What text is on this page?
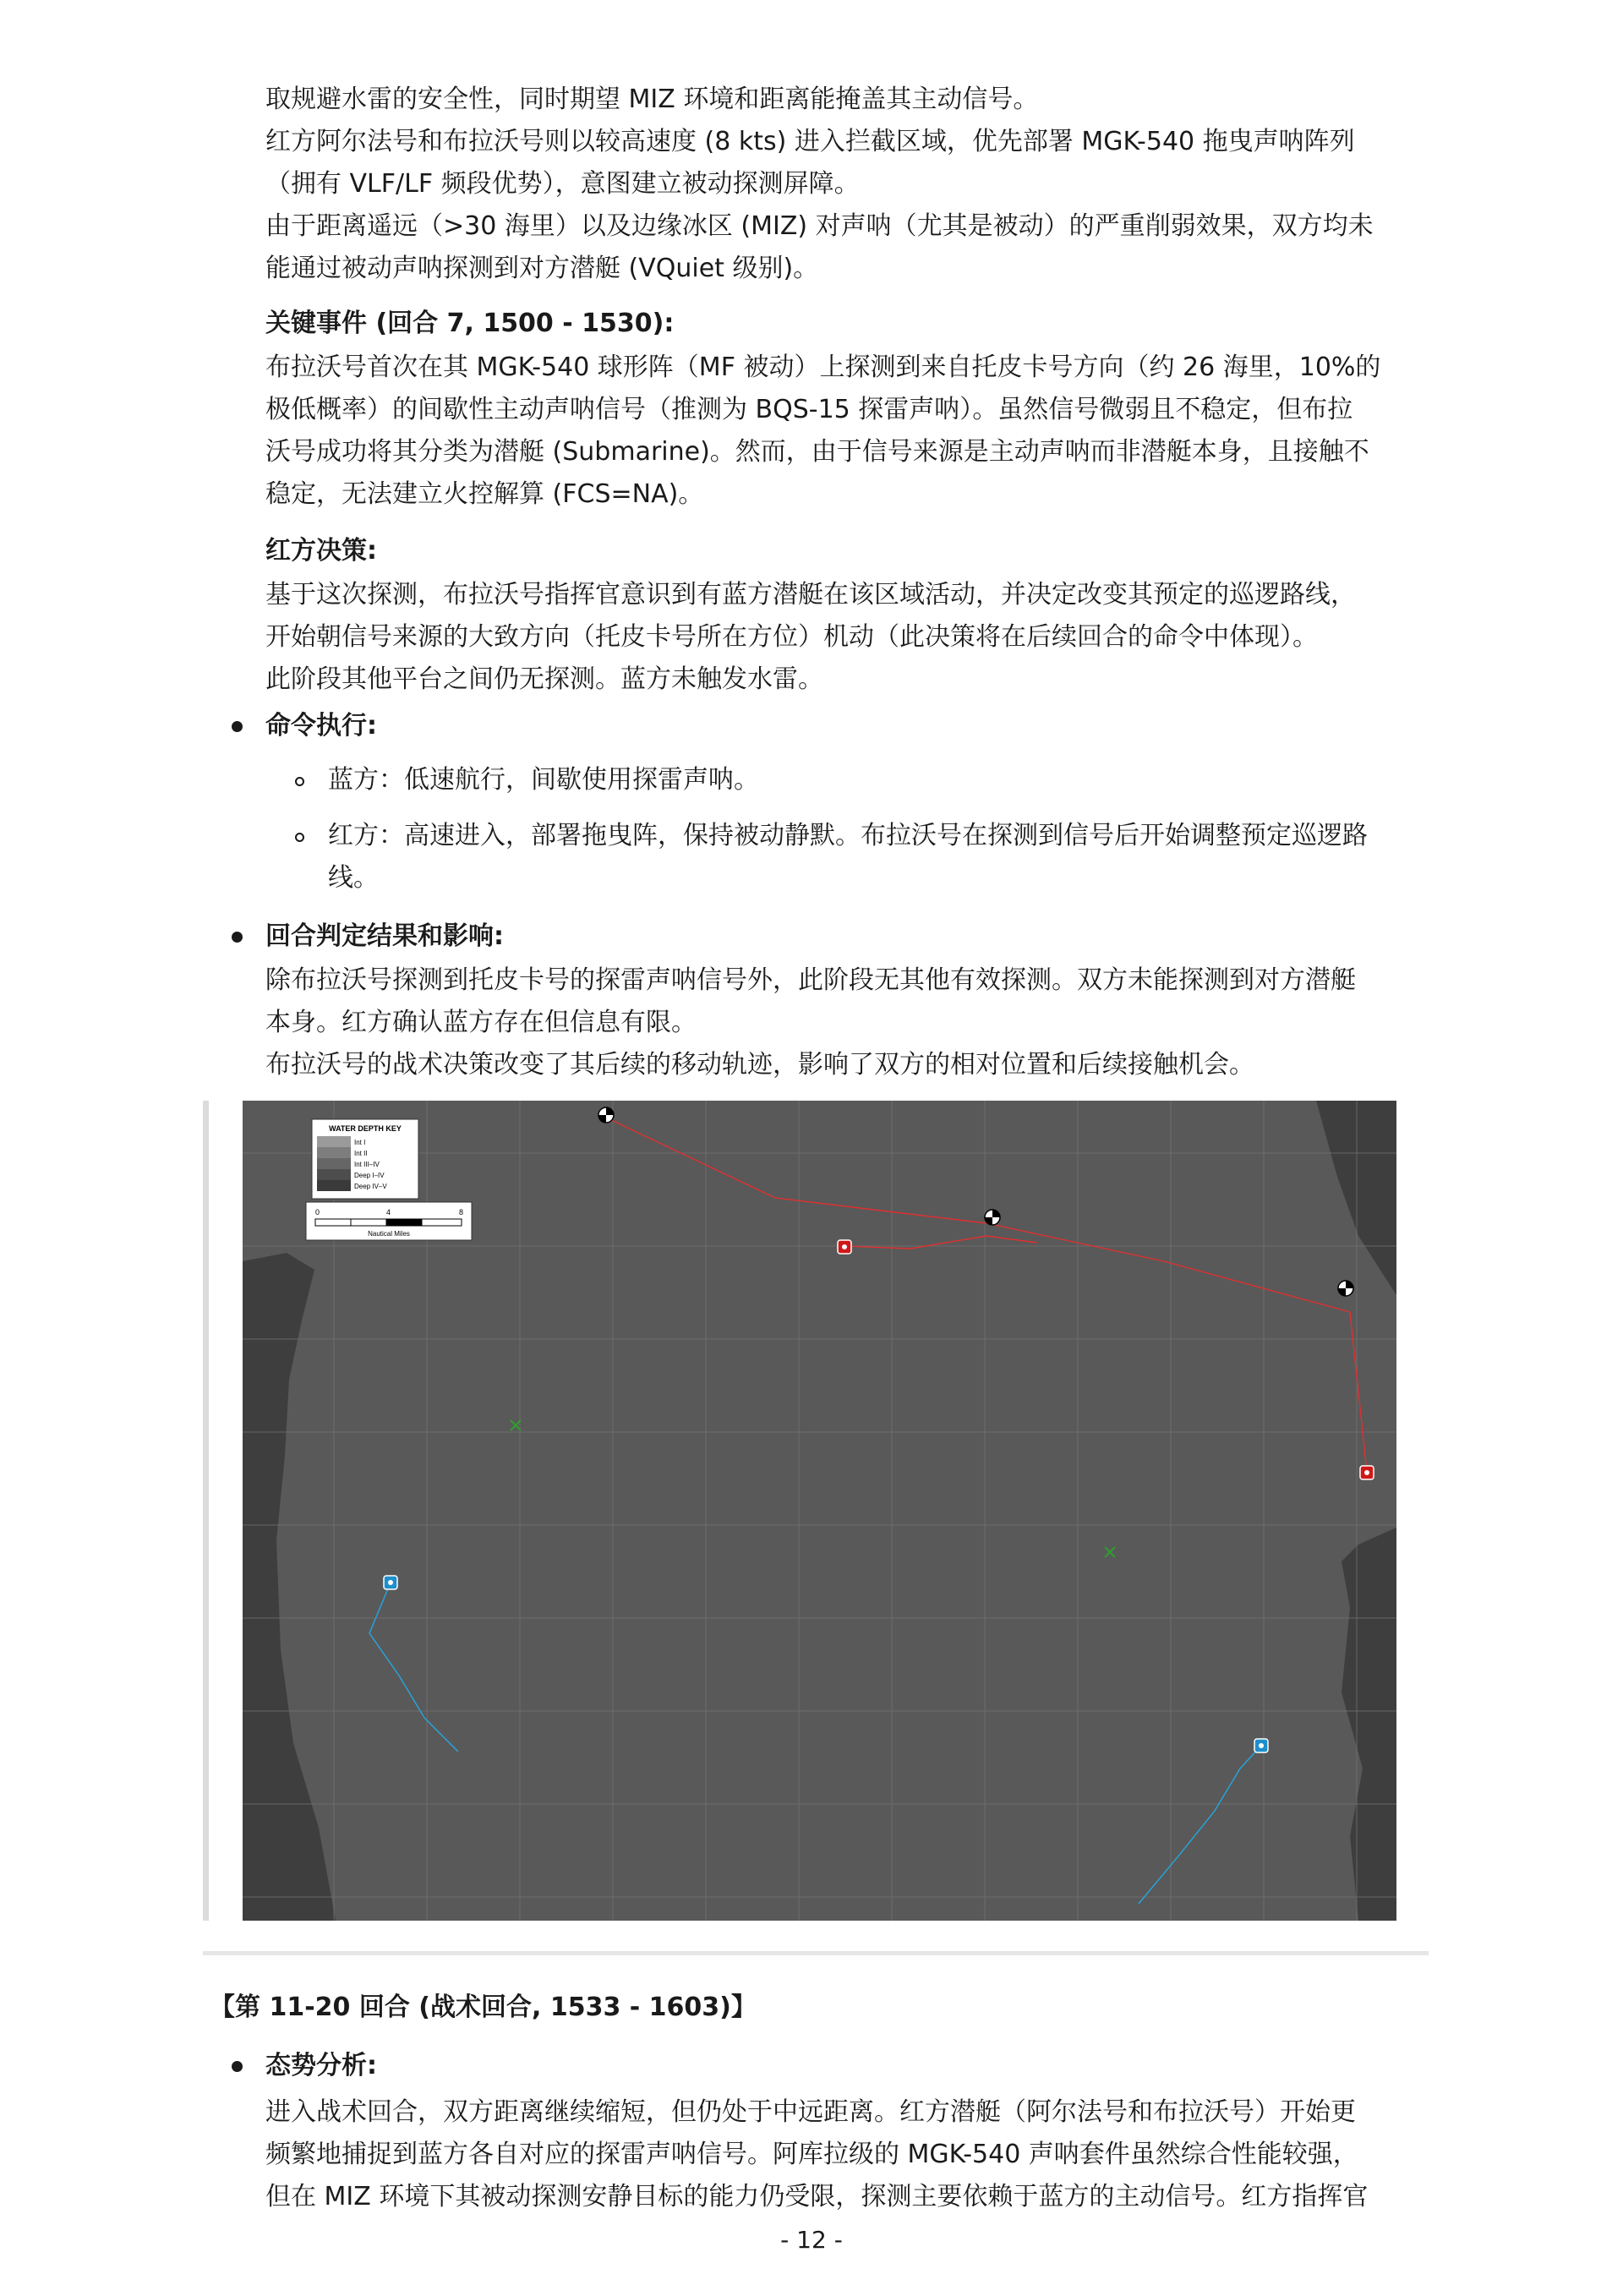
取规避水雷的安全性，同时期望 MIZ 环境和距离能掩盖其主动信号。
红方阿尔法号和布拉沃号则以较高速度 (8 kts) 进入拦截区域，优先部署 MGK-540 拖曳声呐阵列
（拥有 VLF/LF 频段优势），意图建立被动探测屏障。
由于距离遥远（>30 海里）以及边缘冰区 (MIZ) 对声呐（尤其是被动）的严重削弱效果，双方均未
能通过被动声呐探测到对方潜艇 (VQuiet 级别)。
关键事件 (回合 7, 1500 - 1530):
布拉沃号首次在其 MGK-540 球形阵（MF 被动）上探测到来自托皮卡号方向（约 26 海里，10%的
极低概率）的间歇性主动声呐信号（推测为 BQS-15 探雷声呐）。虽然信号微弱且不稳定，但布拉
沃号成功将其分类为潜艇 (Submarine)。然而，由于信号来源是主动声呐而非潜艇本身，且接触不
稳定，无法建立火控解算 (FCS=NA)。
红方决策:
基于这次探测，布拉沃号指挥官意识到有蓝方潜艇在该区域活动，并决定改变其预定的巡逻路线，
开始朝信号来源的大致方向（托皮卡号所在方位）机动（此决策将在后续回合的命令中体现）。
此阶段其他平台之间仍无探测。蓝方未触发水雷。
命令执行:
蓝方：低速航行，间歇使用探雷声呐。
红方：高速进入，部署拖曳阵，保持被动静默。布拉沃号在探测到信号后开始调整预定巡逻路
线。
回合判定结果和影响:
除布拉沃号探测到托皮卡号的探雷声呐信号外，此阶段无其他有效探测。双方未能探测到对方潜艇
本身。红方确认蓝方存在但信息有限。
布拉沃号的战术决策改变了其后续的移动轨迹，影响了双方的相对位置和后续接触机会。
WATER DEPTH KEY
Int I
Int II
Int III–IV
Deep I–IV
Deep IV–V
0	4	8
Nautical Miles
【第 11-20 回合 (战术回合, 1533 - 1603)】
态势分析:
进入战术回合，双方距离继续缩短，但仍处于中远距离。红方潜艇（阿尔法号和布拉沃号）开始更
频繁地捕捉到蓝方各自对应的探雷声呐信号。阿库拉级的 MGK-540 声呐套件虽然综合性能较强，
但在 MIZ 环境下其被动探测安静目标的能力仍受限，探测主要依赖于蓝方的主动信号。红方指挥官
- 12 -
